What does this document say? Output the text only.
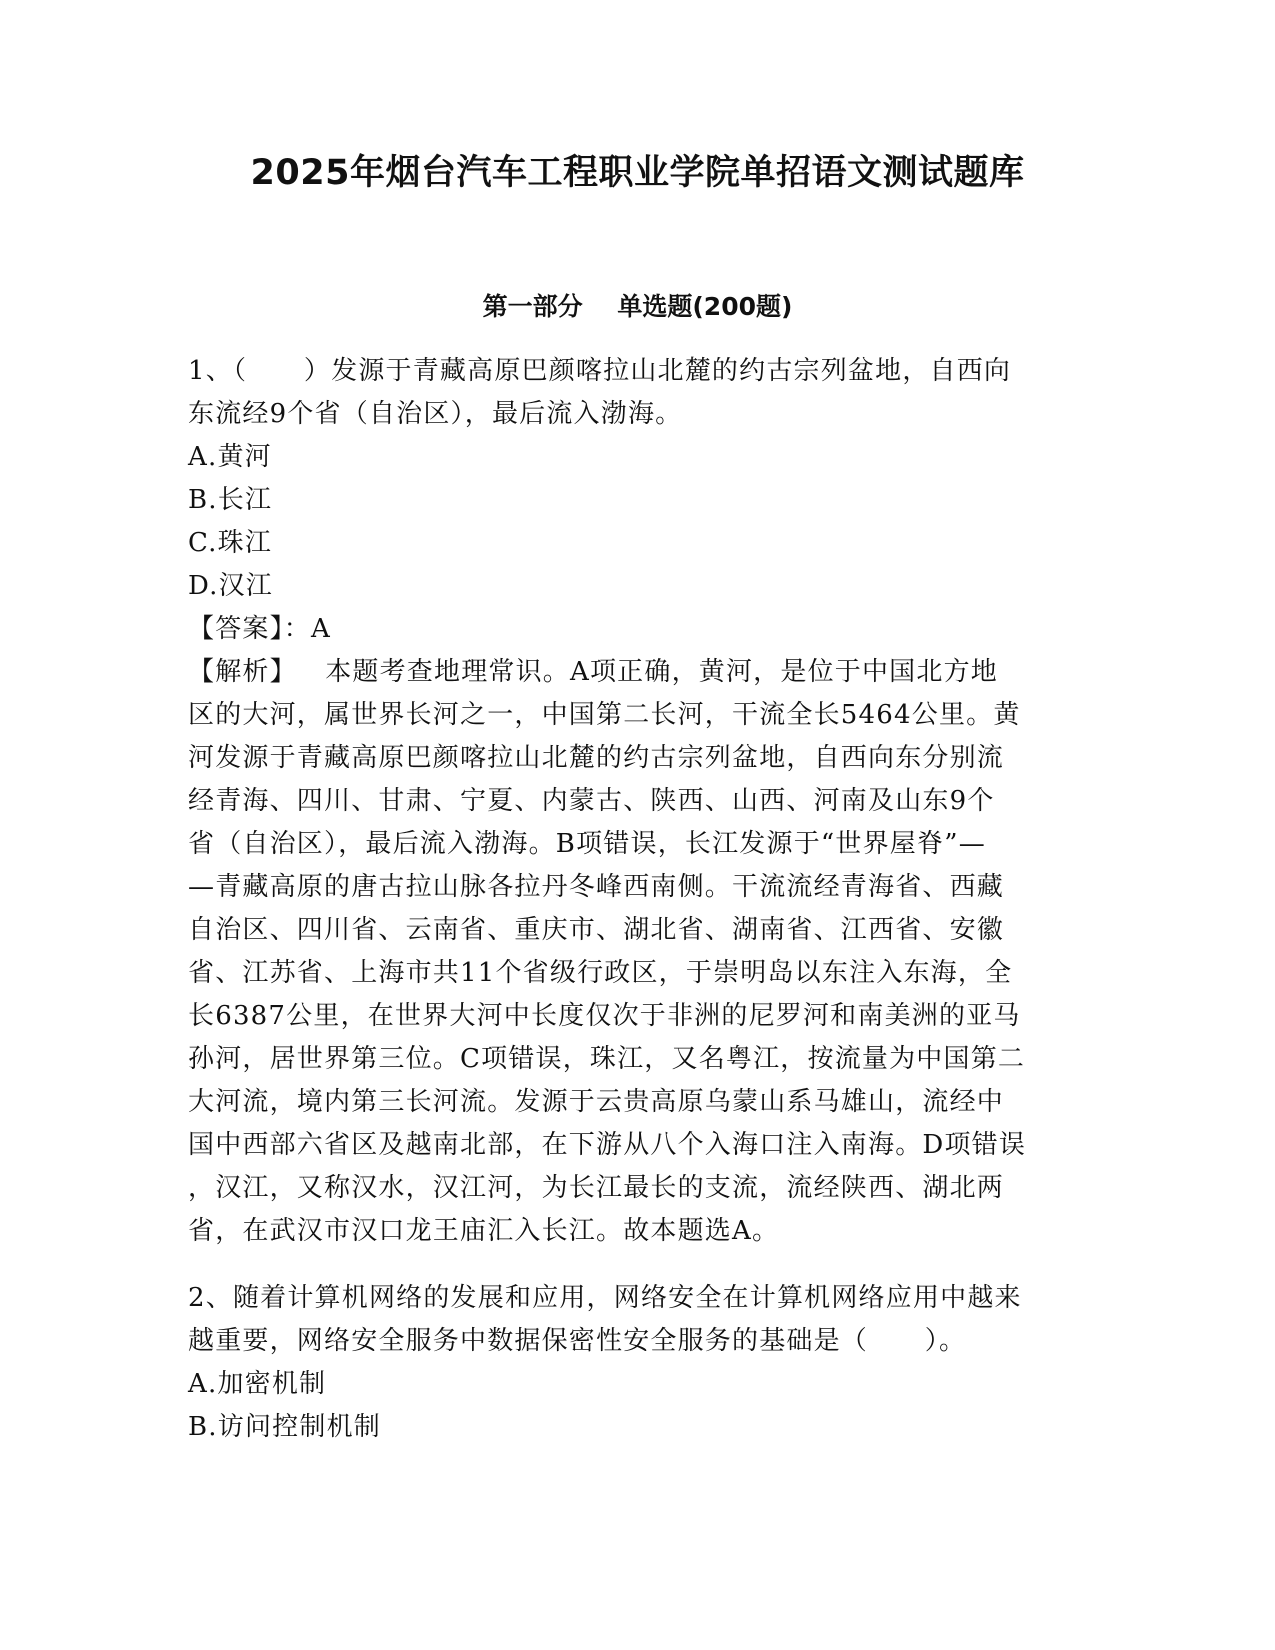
2025年烟台汽车工程职业学院单招语文测试题库
第一部分    单选题(200题)
1、（      ）发源于青藏高原巴颜喀拉山北麓的约古宗列盆地，自西向
东流经9个省（自治区），最后流入渤海。
A.黄河
B.长江
C.珠江
D.汉江
【答案】：A
【解析】   本题考查地理常识。A项正确，黄河，是位于中国北方地
区的大河，属世界长河之一，中国第二长河，干流全长5464公里。黄
河发源于青藏高原巴颜喀拉山北麓的约古宗列盆地，自西向东分别流
经青海、四川、甘肃、宁夏、内蒙古、陕西、山西、河南及山东9个
省（自治区），最后流入渤海。B项错误，长江发源于“世界屋脊”—
—青藏高原的唐古拉山脉各拉丹冬峰西南侧。干流流经青海省、西藏
自治区、四川省、云南省、重庆市、湖北省、湖南省、江西省、安徽
省、江苏省、上海市共11个省级行政区，于崇明岛以东注入东海，全
长6387公里，在世界大河中长度仅次于非洲的尼罗河和南美洲的亚马
孙河，居世界第三位。C项错误，珠江，又名粤江，按流量为中国第二
大河流，境内第三长河流。发源于云贵高原乌蒙山系马雄山，流经中
国中西部六省区及越南北部，在下游从八个入海口注入南海。D项错误
，汉江，又称汉水，汉江河，为长江最长的支流，流经陕西、湖北两
省，在武汉市汉口龙王庙汇入长江。故本题选A。
2、随着计算机网络的发展和应用，网络安全在计算机网络应用中越来
越重要，网络安全服务中数据保密性安全服务的基础是（      ）。
A.加密机制
B.访问控制机制
